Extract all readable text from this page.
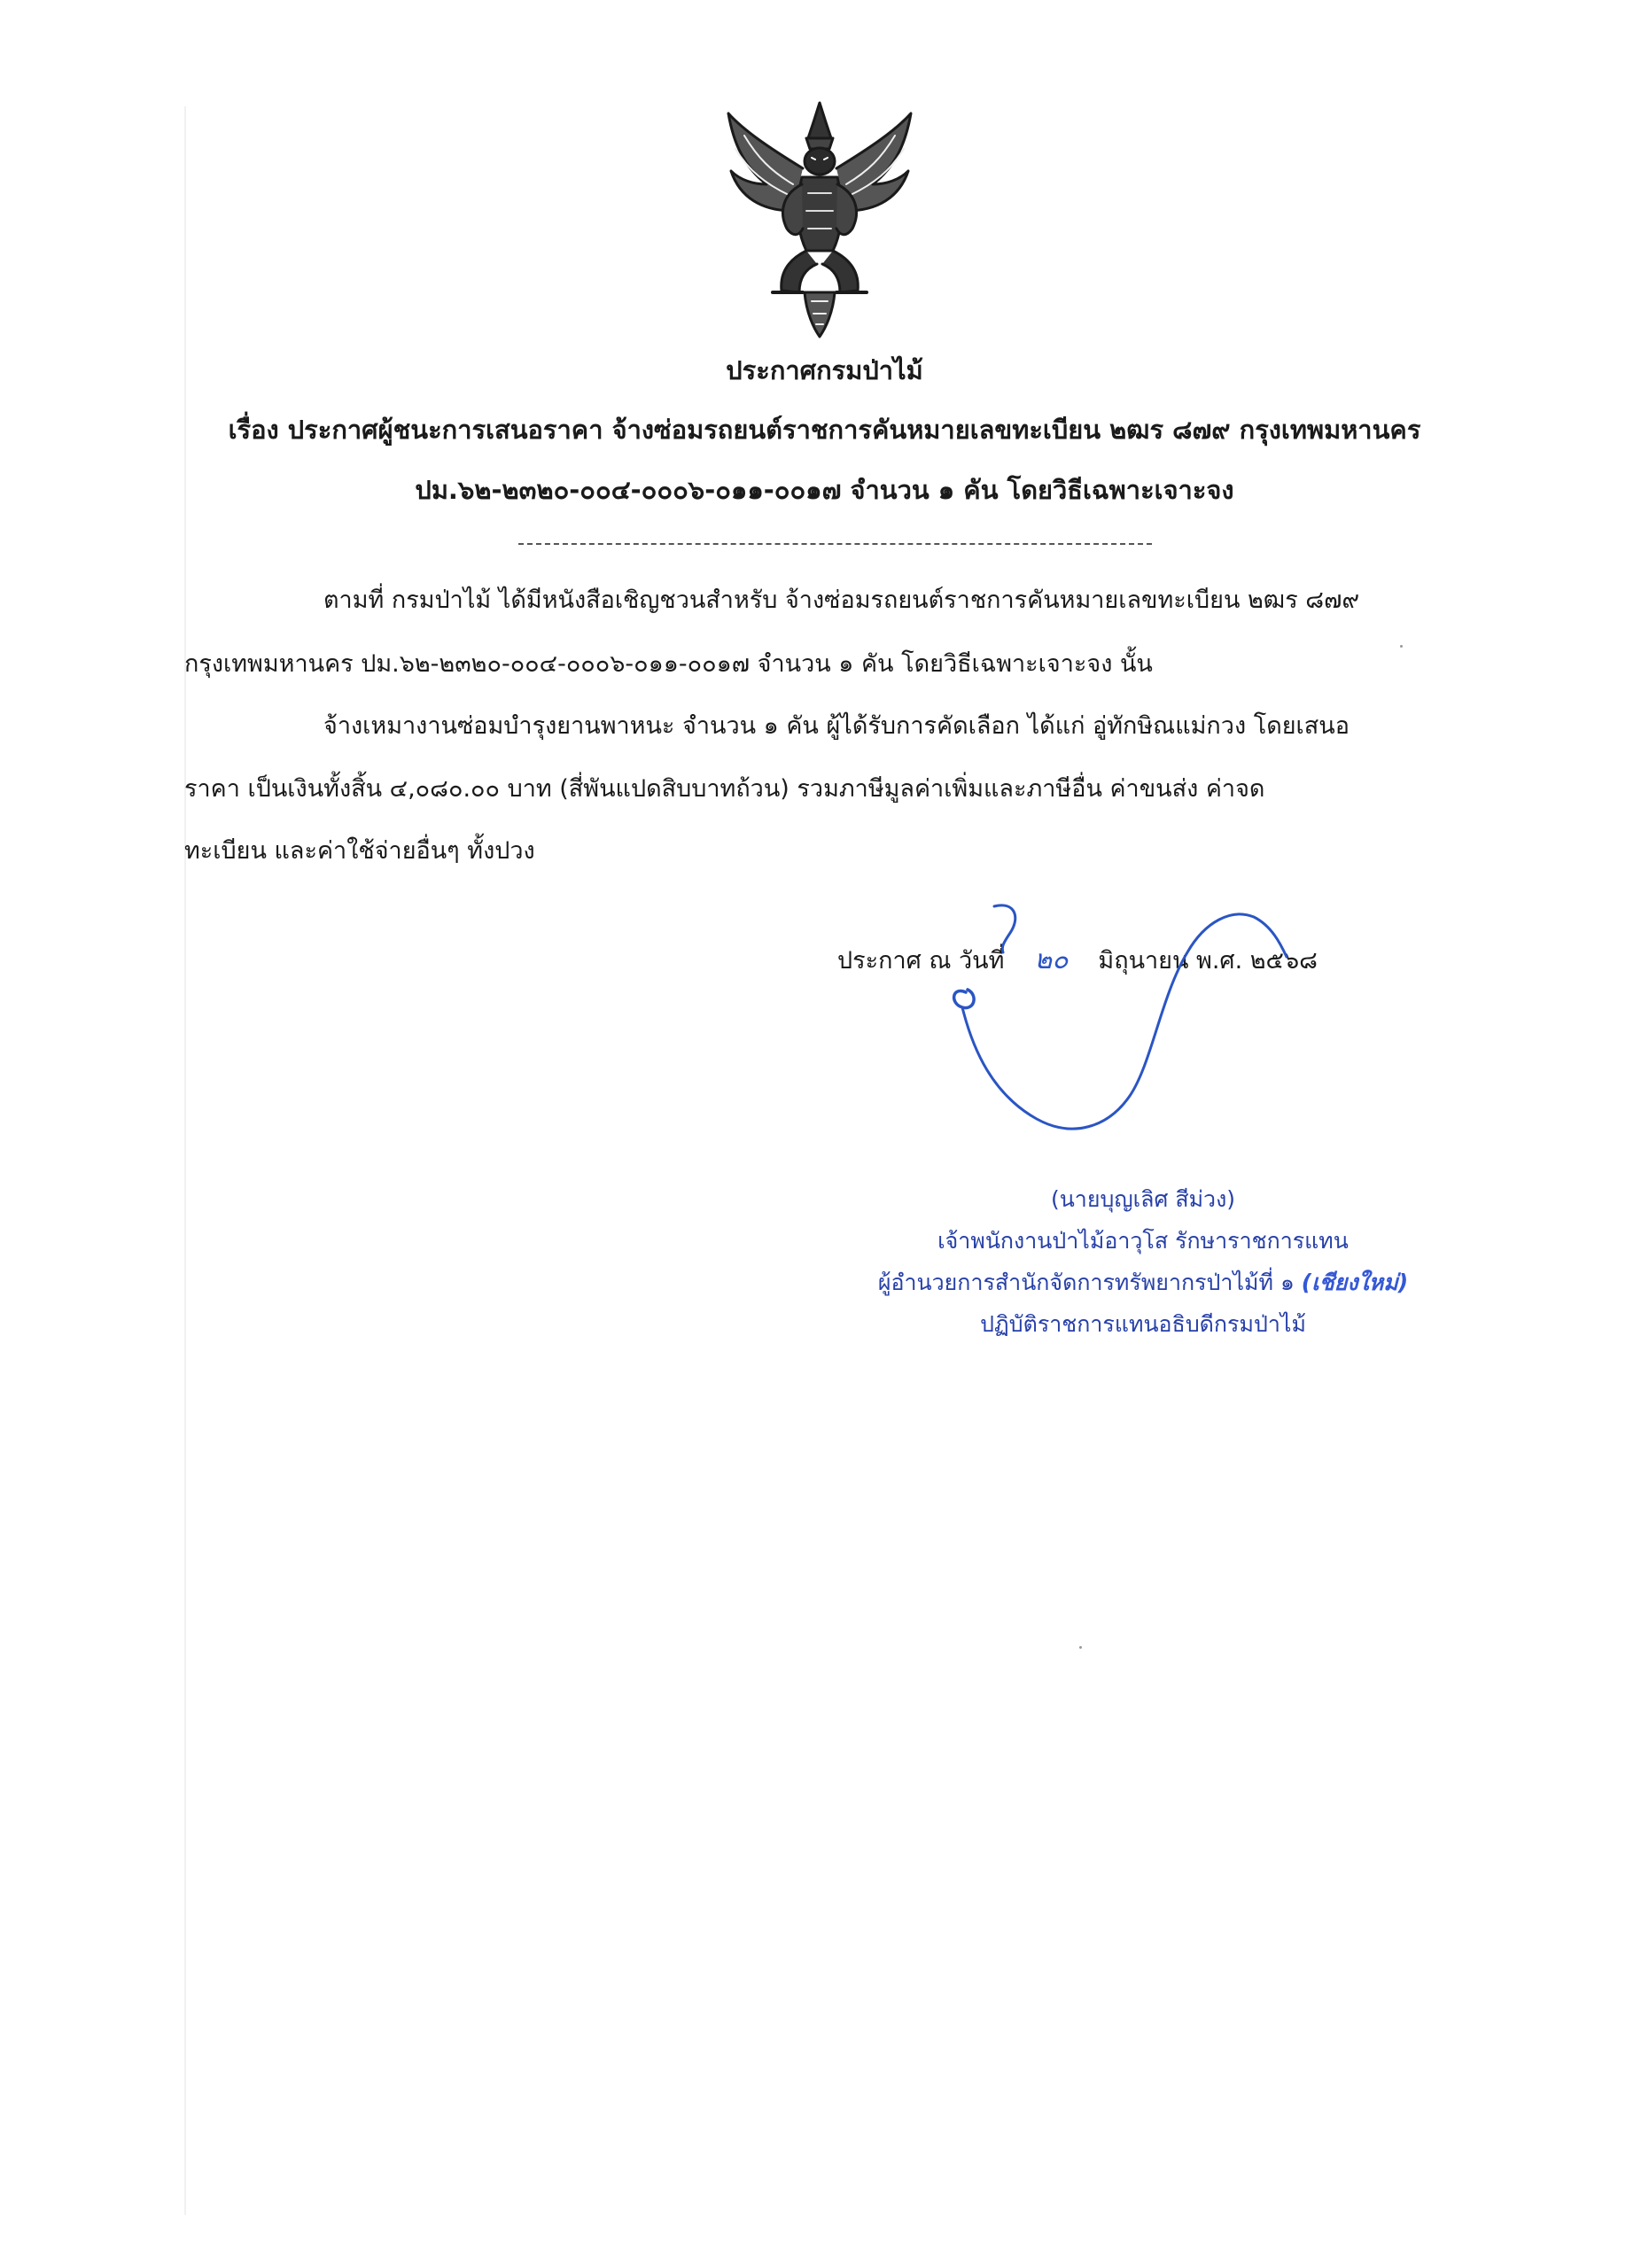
ประกาศกรมป่าไม้
เรื่อง ประกาศผู้ชนะการเสนอราคา จ้างซ่อมรถยนต์ราชการคันหมายเลขทะเบียน ๒ฒร ๘๗๙ กรุงเทพมหานคร
ปม.๖๒-๒๓๒๐-๐๐๔-๐๐๐๖-๐๑๑-๐๐๑๗ จำนวน ๑ คัน โดยวิธีเฉพาะเจาะจง
ตามที่ กรมป่าไม้ ได้มีหนังสือเชิญชวนสำหรับ จ้างซ่อมรถยนต์ราชการคันหมายเลขทะเบียน ๒ฒร ๘๗๙
กรุงเทพมหานคร ปม.๖๒-๒๓๒๐-๐๐๔-๐๐๐๖-๐๑๑-๐๐๑๗ จำนวน ๑ คัน โดยวิธีเฉพาะเจาะจง นั้น
จ้างเหมางานซ่อมบำรุงยานพาหนะ จำนวน ๑ คัน ผู้ได้รับการคัดเลือก ได้แก่ อู่ทักษิณแม่กวง โดยเสนอ
ราคา เป็นเงินทั้งสิ้น ๔,๐๘๐.๐๐ บาท (สี่พันแปดสิบบาทถ้วน) รวมภาษีมูลค่าเพิ่มและภาษีอื่น ค่าขนส่ง ค่าจด
ทะเบียน และค่าใช้จ่ายอื่นๆ ทั้งปวง
ประกาศ ณ วันที่ ๒๐ มิถุนายน พ.ศ. ๒๕๖๘
(นายบุญเลิศ สีม่วง)
เจ้าพนักงานป่าไม้อาวุโส รักษาราชการแทน
ผู้อำนวยการสำนักจัดการทรัพยากรป่าไม้ที่ ๑ (เชียงใหม่)
ปฏิบัติราชการแทนอธิบดีกรมป่าไม้
